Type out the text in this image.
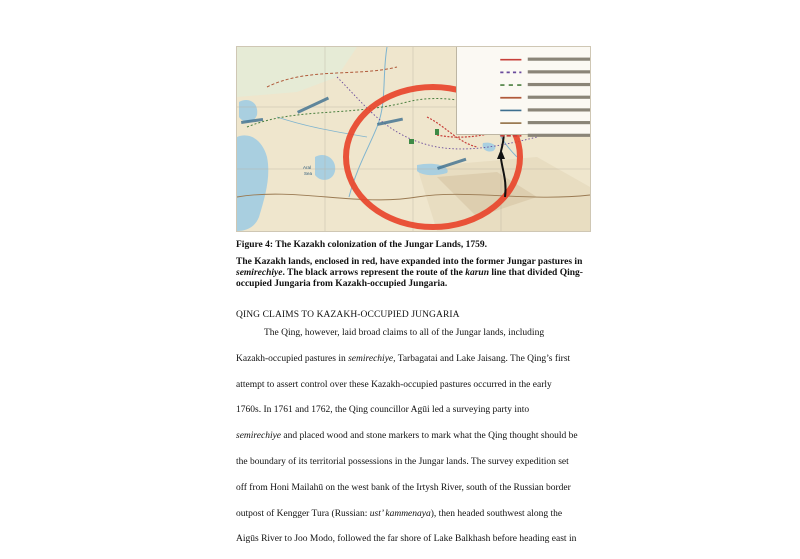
Aral
Sea

Figure 4: The Kazakh colonization of the Jungar Lands, 1759.

The Kazakh lands, enclosed in red, have expanded into the former Jungar pastures in semirechiye. The black arrows represent the route of the karun line that divided Qing-occupied Jungaria from Kazakh-occupied Jungaria.

QING CLAIMS TO KAZAKH-OCCUPIED JUNGARIA

The Qing, however, laid broad claims to all of the Jungar lands, including
Kazakh-occupied pastures in semirechiye, Tarbagatai and Lake Jaisang. The Qing’s first
attempt to assert control over these Kazakh-occupied pastures occurred in the early
1760s. In 1761 and 1762, the Qing councillor Agūi led a surveying party into
semirechiye and placed wood and stone markers to mark what the Qing thought should be
the boundary of its territorial possessions in the Jungar lands. The survey expedition set
off from Honi Mailahū on the west bank of the Irtysh River, south of the Russian border
outpost of Kengger Tura (Russian: ust’ kammenaya), then headed southwest along the
Aigūs River to Joo Modo, followed the far shore of Lake Balkhash before heading east in
